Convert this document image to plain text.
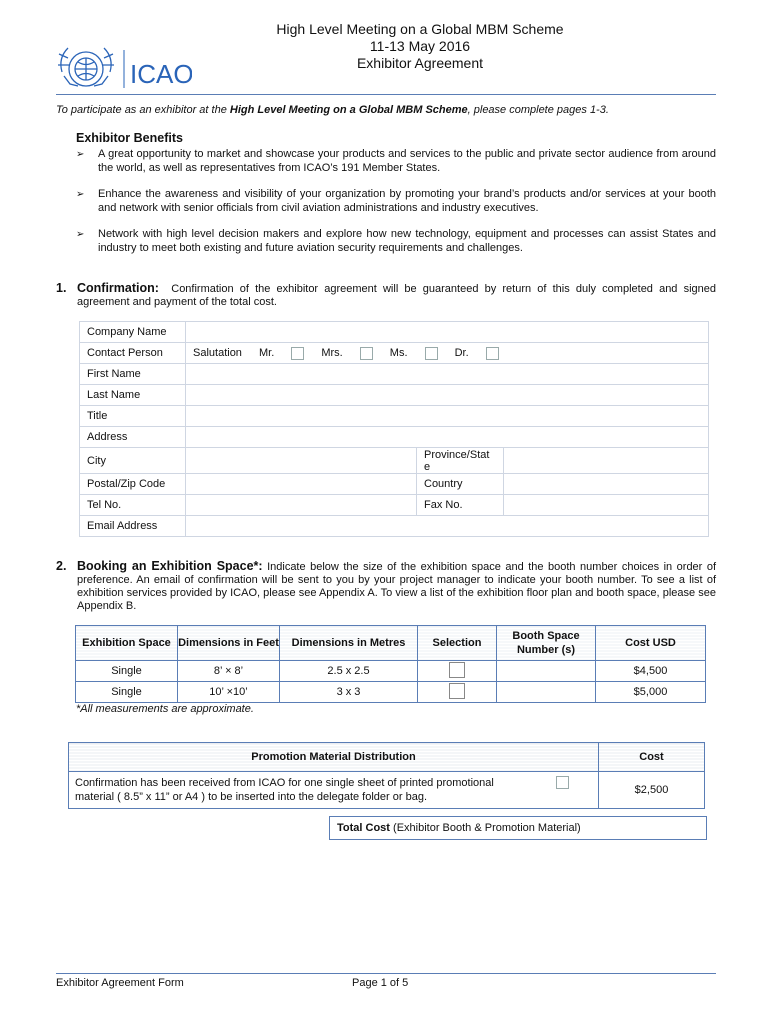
ICAO
High Level Meeting on a Global MBM Scheme
11-13 May 2016
Exhibitor Agreement
To participate as an exhibitor at the High Level Meeting on a Global MBM Scheme, please complete pages 1-3.
Exhibitor Benefits
➢ A great opportunity to market and showcase your products and services to the public and private sector audience from around the world, as well as representatives from ICAO’s 191 Member States.
➢ Enhance the awareness and visibility of your organization by promoting your brand’s products and/or services at your booth and network with senior officials from civil aviation administrations and industry executives.
➢ Network with high level decision makers and explore how new technology, equipment and processes can assist States and industry to meet both existing and future aviation security requirements and challenges.
1. Confirmation: Confirmation of the exhibitor agreement will be guaranteed by return of this duly completed and signed agreement and payment of the total cost.
Company Name			
Contact Person	Salutation Mr. Mrs. Ms. Dr.		
First Name			
Last Name			
Title			
Address			
City		Province/Stat e	
Postal/Zip Code		Country	
Tel No.		Fax No.	
Email Address			
2. Booking an Exhibition Space*: Indicate below the size of the exhibition space and the booth number choices in order of preference. An email of confirmation will be sent to you by your project manager to indicate your booth number. To see a list of exhibition services provided by ICAO, please see Appendix A. To view a list of the exhibition floor plan and booth space, please see Appendix B.
Exhibition Space	Dimensions in Feet	Dimensions in Metres	Selection	Booth Space Number (s)	Cost USD
Single	8’ × 8’	2.5 x 2.5			$4,500
Single	10’ ×10’	3 x 3			$5,000
*All measurements are approximate.
Promotion Material Distribution	Cost

Confirmation has been received from ICAO for one single sheet of printed promotional material ( 8.5” x 11” or A4 ) to be inserted into the delegate folder or bag.	$2,500
Total Cost (Exhibitor Booth & Promotion Material)
Exhibitor Agreement Form	Page 1 of 5
